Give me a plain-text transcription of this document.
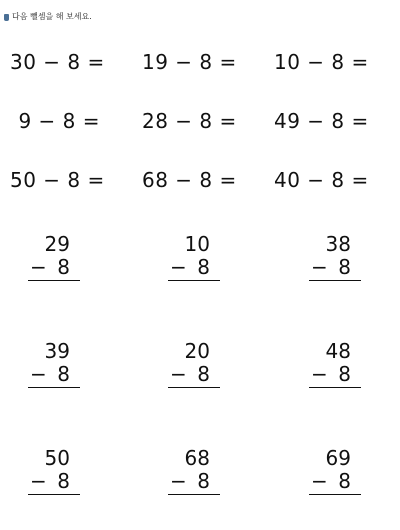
다음 뺄셈을 해 보세요.
30 − 8 = 19 − 8 = 10 − 8 =
9 − 8 = 28 − 8 = 49 − 8 =
50 − 8 = 68 − 8 = 40 − 8 =
29
− 8
10
− 8
38
− 8
39
− 8
20
− 8
48
− 8
50
− 8
68
− 8
69
− 8
